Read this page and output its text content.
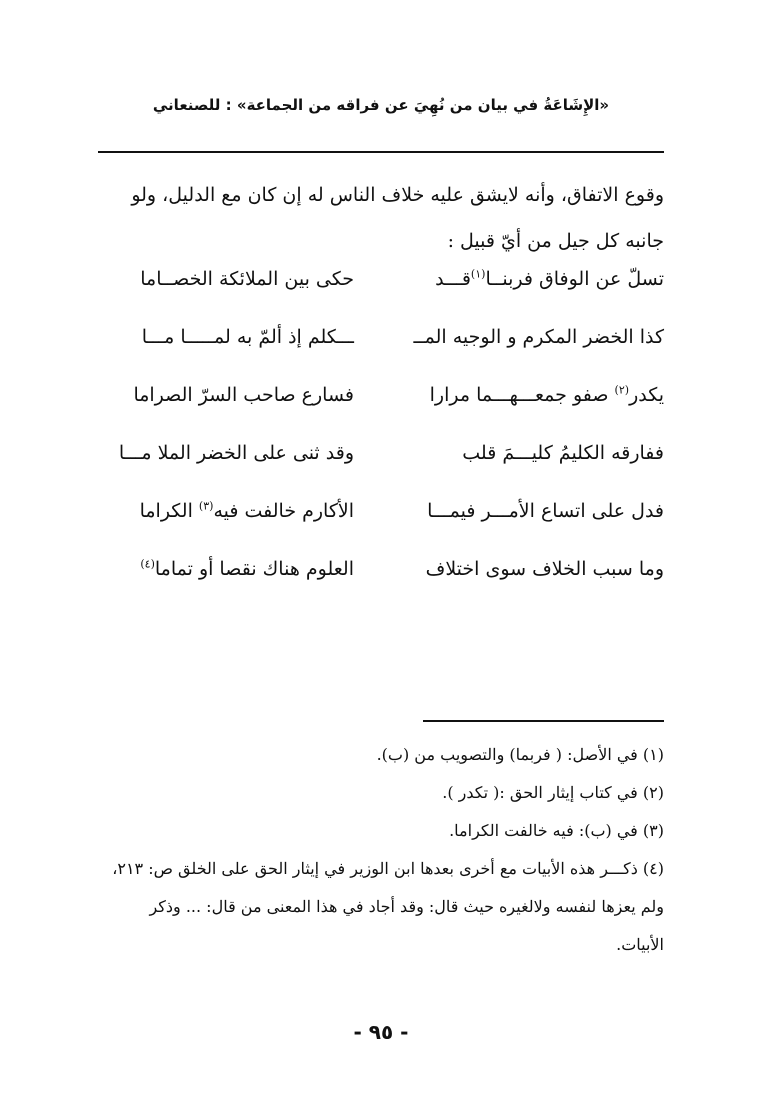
«الإِشَاعَةُ في بيان من نُهِيَ عن فراقه من الجماعة» : للصنعاني

وقوع الاتفاق، وأنه لايشق عليه خلاف الناس له إن كان مع الدليل، ولو جانبه كل جيل من أيّ قبيل :

تسلّ عن الوفاق فربنــا$^{(١)}$قـــد
حكى بين الملائكة الخصــاما
كذا الخضر المكرم و الوجيه المــ
ـــكلم إذ ألمّ به لمـــــا مـــا
يكدر$^{(٢)}$ صفو جمعـــهـــما مرارا
فسارع صاحب السرّ الصراما
ففارقه الكليمُ كليـــمَ قلب
وقد ثنى على الخضر الملا مـــا
فدل على اتساع الأمـــر فيمـــا
الأكارم خالفت فيه$^{(٣)}$ الكراما
وما سبب الخلاف سوى اختلاف
العلوم هناك نقصا أو تماما$^{(٤)}$

(١) في الأصل: ( فربما) والتصويب من (ب).

(٢) في كتاب إيثار الحق :( تكدر ).

(٣) في (ب): فيه خالفت الكراما.

(٤) ذكـــر هذه الأبيات مع أخرى بعدها ابن الوزير في إيثار الحق على الخلق ص: ٢١٣، ولم يعزها لنفسه ولالغيره حيث قال: وقد أجاد في هذا المعنى من قال: ... وذكر الأبيات.

- ٩٥ -
